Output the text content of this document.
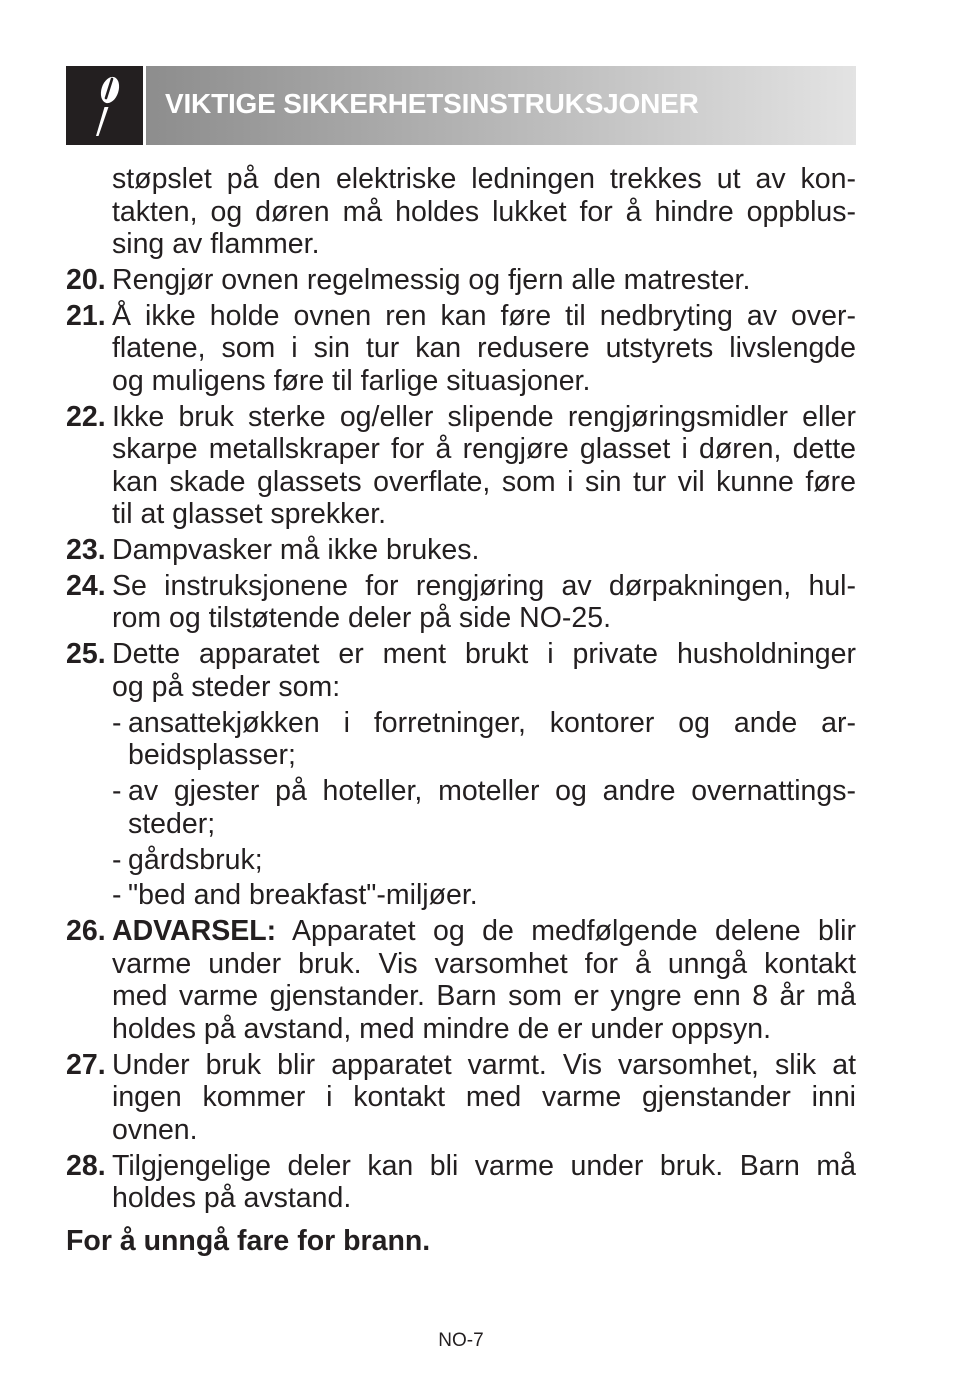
VIKTIGE SIKKERHETSINSTRUKSJONER
støpslet på den elektriske ledningen trekkes ut av kon-
takten, og døren må holdes lukket for å hindre oppblus-
sing av flammer.
20. Rengjør ovnen regelmessig og fjern alle matrester.
21. Å ikke holde ovnen ren kan føre til nedbryting av over-
flatene, som i sin tur kan redusere utstyrets livslengde
og muligens føre til farlige situasjoner.
22. Ikke bruk sterke og/eller slipende rengjøringsmidler eller
skarpe metallskraper for å rengjøre glasset i døren, dette
kan skade glassets overflate, som i sin tur vil kunne føre
til at glasset sprekker.
23. Dampvasker må ikke brukes.
24. Se instruksjonene for rengjøring av dørpakningen, hul-
rom og tilstøtende deler på side NO-25.
25. Dette apparatet er ment brukt i private husholdninger
og på steder som:
- ansattekjøkken i forretninger, kontorer og ande ar-
beidsplasser;
- av gjester på hoteller, moteller og andre overnattings-
steder;
- gårdsbruk;
- "bed and breakfast"-miljøer.
26. ADVARSEL: Apparatet og de medfølgende delene blir
varme under bruk. Vis varsomhet for å unngå kontakt
med varme gjenstander. Barn som er yngre enn 8 år må
holdes på avstand, med mindre de er under oppsyn.
27. Under bruk blir apparatet varmt. Vis varsomhet, slik at
ingen kommer i kontakt med varme gjenstander inni
ovnen.
28. Tilgjengelige deler kan bli varme under bruk. Barn må
holdes på avstand.
For å unngå fare for brann.
NO-7
